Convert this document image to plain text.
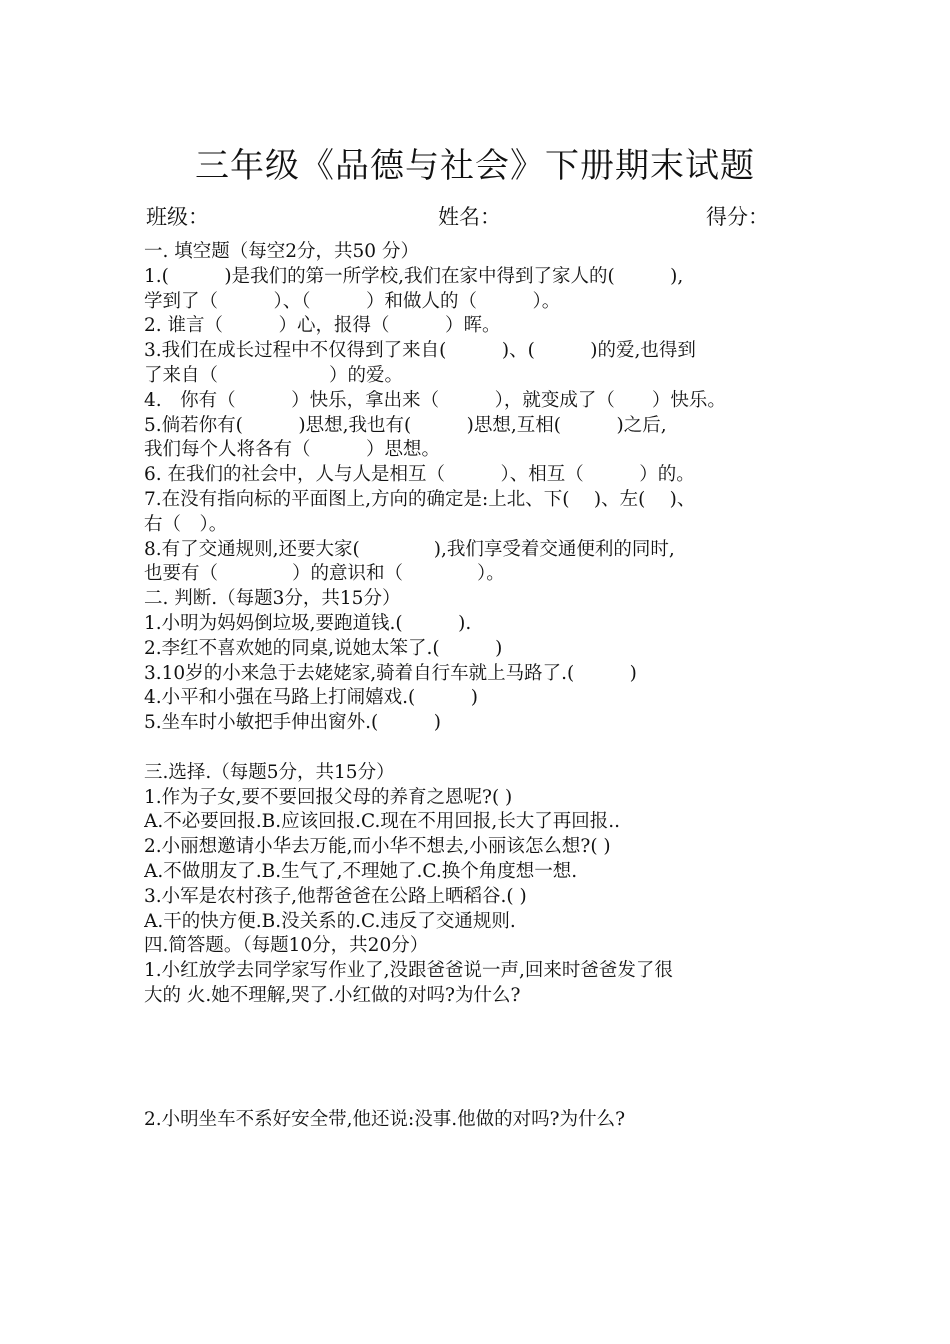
三年级《品德与社会》下册期末试题
班级：	姓名：	得分：

一. 填空题（每空2分，共50 分）

1.(　　　)是我们的第一所学校,我们在家中得到了家人的(　　　),

学到了（　　　）、（　　　）和做人的（　　　）。

2. 谁言（　　　）心，报得（　　　）晖。

3.我们在成长过程中不仅得到了来自(　　　)、(　　　)的爱,也得到

了来自（　　　　　　）的爱。

4.　你有（　　　）快乐，拿出来（　　　），就变成了（　　）快乐。

5.倘若你有(　　　)思想,我也有(　　　)思想,互相(　　　)之后,

我们每个人将各有（　　　）思想。

6. 在我们的社会中，人与人是相互（　　　）、相互（　　　）的。

7.在没有指向标的平面图上,方向的确定是:上北、下(　 )、左(　 )、

右（　）。

8.有了交通规则,还要大家(　　　　),我们享受着交通便利的同时,

也要有（　　　　）的意识和（　　　　）。

二. 判断.（每题3分，共15分）

1.小明为妈妈倒垃圾,要跑道钱.(　　　).

2.李红不喜欢她的同桌,说她太笨了.(　　　)

3.10岁的小来急于去姥姥家,骑着自行车就上马路了.(　　　)

4.小平和小强在马路上打闹嬉戏.(　　　)

5.坐车时小敏把手伸出窗外.(　　　)

三.选择.（每题5分，共15分）

1.作为子女,要不要回报父母的养育之恩呢?( )

A.不必要回报.B.应该回报.C.现在不用回报,长大了再回报..

2.小丽想邀请小华去万能,而小华不想去,小丽该怎么想?( )

A.不做朋友了.B.生气了,不理她了.C.换个角度想一想.

3.小军是农村孩子,他帮爸爸在公路上晒稻谷.( )

A.干的快方便.B.没关系的.C.违反了交通规则.

四.简答题。（每题10分，共20分）

1.小红放学去同学家写作业了,没跟爸爸说一声,回来时爸爸发了很

大的 火.她不理解,哭了.小红做的对吗?为什么?

2.小明坐车不系好安全带,他还说:没事.他做的对吗?为什么?
